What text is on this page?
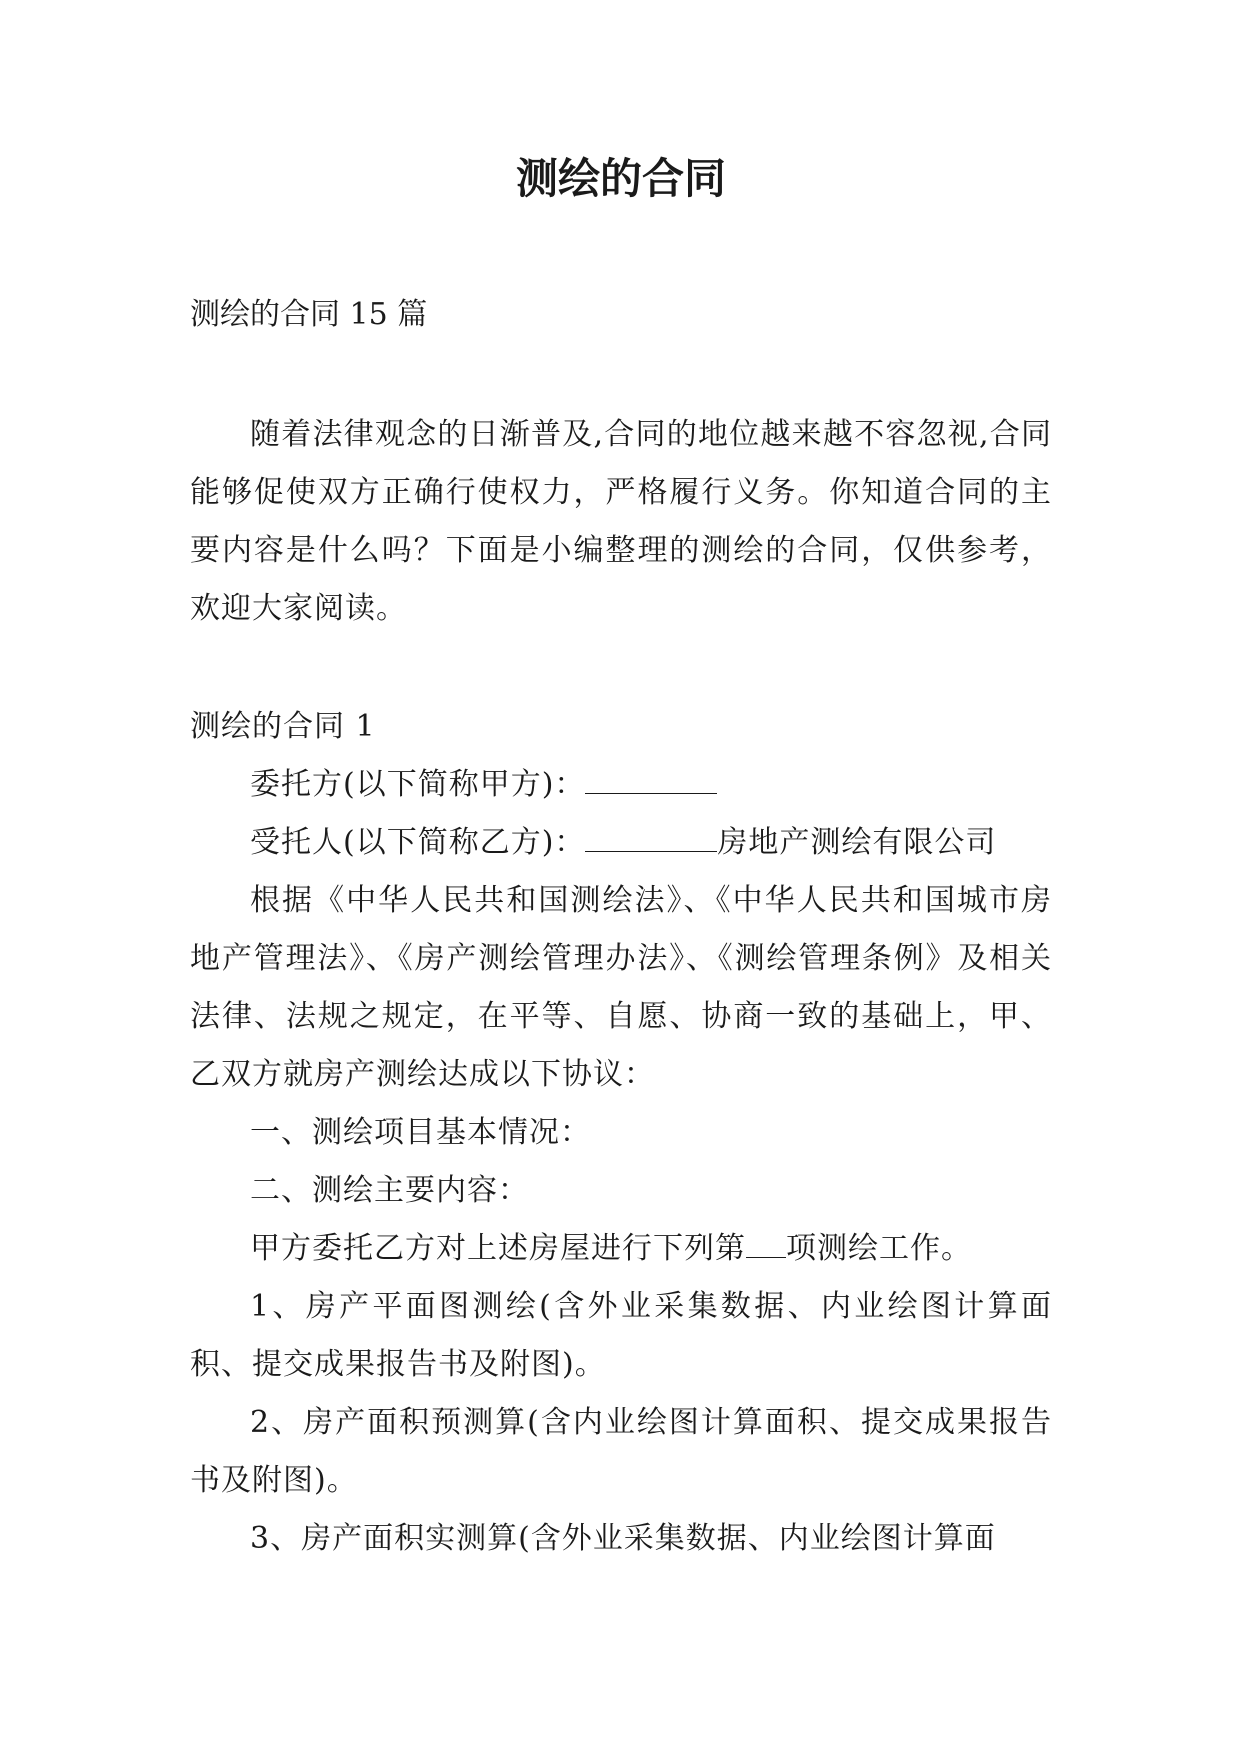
测绘的合同

测绘的合同 15 篇

随着法律观念的日渐普及,合同的地位越来越不容忽视,合同能够促使双方正确行使权力，严格履行义务。你知道合同的主要内容是什么吗？下面是小编整理的测绘的合同，仅供参考，欢迎大家阅读。

测绘的合同 1

委托方(以下简称甲方)：

受托人(以下简称乙方)：	房地产测绘有限公司

根据《中华人民共和国测绘法》、《中华人民共和国城市房地产管理法》、《房产测绘管理办法》、《测绘管理条例》及相关法律、法规之规定，在平等、自愿、协商一致的基础上，甲、乙双方就房产测绘达成以下协议：

一、测绘项目基本情况：

二、测绘主要内容：

甲方委托乙方对上述房屋进行下列第 项测绘工作。

1、房产平面图测绘(含外业采集数据、内业绘图计算面积、提交成果报告书及附图)。

2、房产面积预测算(含内业绘图计算面积、提交成果报告书及附图)。

3、房产面积实测算(含外业采集数据、内业绘图计算面
